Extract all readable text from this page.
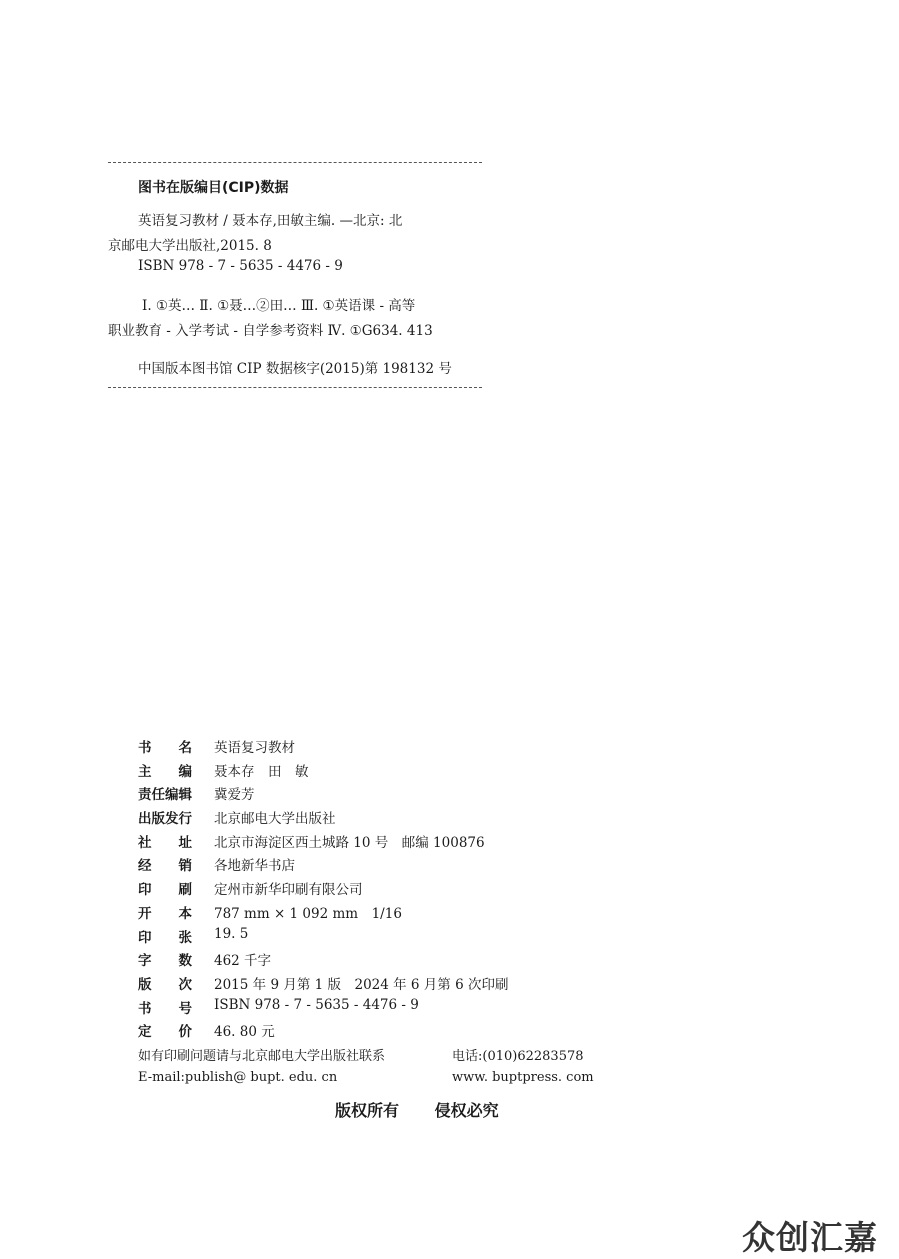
图书在版编目(CIP)数据
英语复习教材 / 聂本存,田敏主编. —北京: 北
京邮电大学出版社,2015. 8
ISBN 978 - 7 - 5635 - 4476 - 9
Ⅰ. ①英… Ⅱ. ①聂…②田… Ⅲ. ①英语课 - 高等
职业教育 - 入学考试 - 自学参考资料 Ⅳ. ①G634. 413
中国版本图书馆 CIP 数据核字(2015)第 198132 号
书　　名	英语复习教材
主　　编	聂本存　田　敏
责任编辑	冀爱芳
出版发行	北京邮电大学出版社
社　　址	北京市海淀区西土城路 10 号　邮编 100876
经　　销	各地新华书店
印　　刷	定州市新华印刷有限公司
开　　本	787 mm × 1 092 mm　1/16
印　　张	19. 5
字　　数	462 千字
版　　次	2015 年 9 月第 1 版　2024 年 6 月第 6 次印刷
书　　号	ISBN 978 - 7 - 5635 - 4476 - 9
定　　价	46. 80 元
如有印刷问题请与北京邮电大学出版社联系	电话:(010)62283578
E-mail:publish@ bupt. edu. cn	www. buptpress. com
版权所有 侵权必究
众创汇嘉
